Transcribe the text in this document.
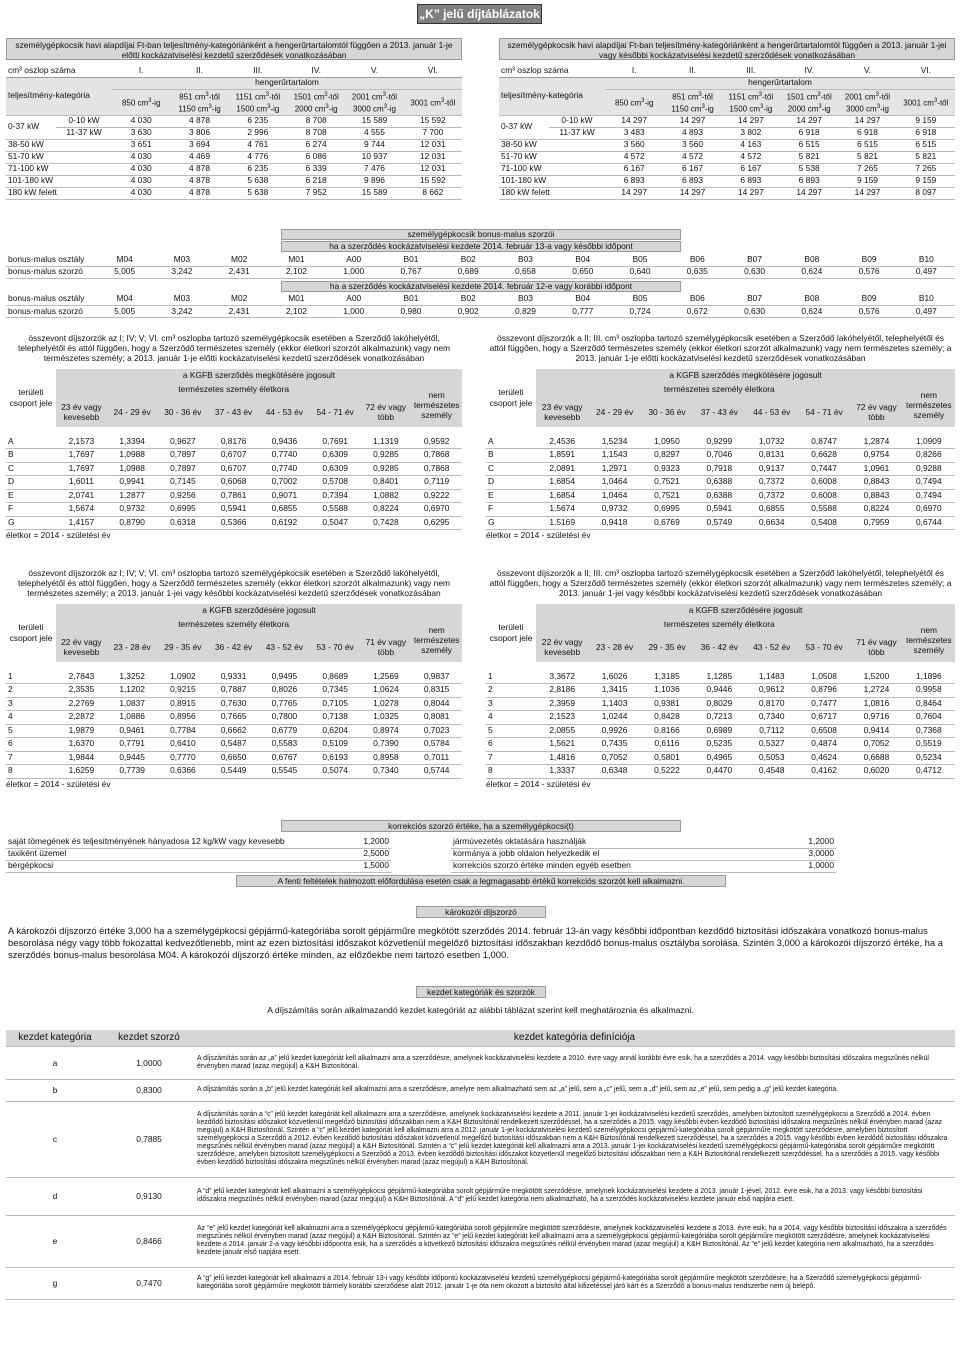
„K” jelű díjtáblázatok
személygépkocsik havi alapdíjai Ft-ban teljesítmény-kategóriánként a hengerűrtartalomtól függően a 2013. január 1-je előtti kockázatviselési kezdetű szerződések vonatkozásában
cm³ oszlop száma		I.	II.	III.	IV.	V.	VI.
teljesítmény-kategória		hengerűrtartalom					
		850 $cm^3-ig$	851 $cm^3$-től 1150 $cm^3-ig$	1151 $cm^3$-től 1500 $cm^3-ig$	1501 $cm^3$-től 2000 $cm^3-ig$	2001 $cm^3$-től 3000 $cm^3-ig$	3001 $cm^3$-től
0-37 kW	0-10 kW	4 030	4 878	6 235	8 708	15 589	15 592
	11-37 kW	3 630	3 806	2 996	8 708	4 555	7 700
38-50 kW		3 651	3 694	4 761	6 274	9 744	12 031
51-70 kW		4 030	4 469	4 776	6 086	10 937	12 031
71-100 kW		4 030	4 878	6 235	6 339	7 476	12 031
101-180 kW		4 030	4 878	5 638	6 218	9 896	15 592
180 kW felett		4 030	4 878	5 638	7 952	15 589	8 662
személygépkocsik havi alapdíjai Ft-ban teljesítmény-kategóriánként a hengerűrtartalomtól függően a 2013. január 1-jei vagy későbbi kockázatviselési kezdetű szerződések vonatkozásában
cm³ oszlop száma		I.	II.	III.	IV.	V.	VI.
teljesítmény-kategória		hengerűrtartalom					
		850 $cm^3-ig$	851 $cm^3$-től 1150 $cm^3-ig$	1151 $cm^3$-től 1500 $cm^3-ig$	1501 $cm^3$-től 2000 $cm^3-ig$	2001 $cm^3$-től 3000 $cm^3-ig$	3001 $cm^3$-től
0-37 kW	0-10 kW	14 297	14 297	14 297	14 297	14 297	9 159
	11-37 kW	3 483	4 893	3 802	6 918	6 918	6 918
38-50 kW		3 560	3 560	4 163	6 515	6 515	6 515
51-70 kW		4 572	4 572	4 572	5 821	5 821	5 821
71-100 kW		6 167	6 167	6 167	5 538	7 265	7 265
101-180 kW		6 893	6 893	6 893	6 893	9 159	9 159
180 kW felett		14 297	14 297	14 297	14 297	14 297	8 097
személygépkocsik bonus-malus szorzói
ha a szerződés kockázatviselési kezdete 2014. február 13-a vagy későbbi időpont
bonus-malus osztály	M04	M03	M02	M01	A00	B01	B02	B03	B04	B05	B06	B07	B08	B09	B10
bonus-malus szorzó	5,005	3,242	2,431	2,102	1,000	0,767	0,689	0,658	0,650	0,640	0,635	0,630	0,624	0,576	0,497
ha a szerződés kockázatviselési kezdete 2014. február 12-e vagy korábbi időpont
bonus-malus osztály	M04	M03	M02	M01	A00	B01	B02	B03	B04	B05	B06	B07	B08	B09	B10
bonus-malus szorzó	5,005	3,242	2,431	2,102	1,000	0,980	0,902	0,829	0,777	0,724	0,672	0,630	0,624	0,576	0,497
összevont díjszorzók az I; IV; V; VI. cm³ oszlopba tartozó személygépkocsik esetében a Szerződő lakóhelyétől, telephelyétől és attól függően, hogy a Szerződő természetes személy (ekkor életkori szorzót alkalmazunk) vagy nem természetes személy; a 2013. január 1-je előtti kockázatviselési kezdetű szerződések vonatkozásában
területi csoport jele	a KGFB szerződés megkötésére jogosult							
	természetes személy életkora							nem természetes személy
	23 év vagy kevesebb	24 - 29 év	30 - 36 év	37 - 43 év	44 - 53 év	54 - 71 év	72 év vagy több	

A	2,1573	1,3394	0,9627	0,8176	0,9436	0,7691	1,1319	0,9592
B	1,7697	1,0988	0,7897	0,6707	0,7740	0,6309	0,9285	0,7868
C	1,7697	1,0988	0,7897	0,6707	0,7740	0,6309	0,9285	0,7868
D	1,6011	0,9941	0,7145	0,6068	0,7002	0,5708	0,8401	0,7119
E	2,0741	1,2877	0,9256	0,7861	0,9071	0,7394	1,0882	0,9222
F	1,5674	0,9732	0,6995	0,5941	0,6855	0,5588	0,8224	0,6970
G	1,4157	0,8790	0,6318	0,5366	0,6192	0,5047	0,7428	0,6295
életkor = 2014 - születési év
összevont díjszorzók a II; III. cm³ oszlopba tartozó személygépkocsik esetében a Szerződő lakóhelyétől, telephelyétől és attól függően, hogy a Szerződő természetes személy (ekkor életkori szorzót alkalmazunk) vagy nem természetes személy; a 2013. január 1-je előtti kockázatviselési kezdetű szerződések vonatkozásában
területi csoport jele	a KGFB szerződés megkötésére jogosult							
	természetes személy életkora							nem természetes személy
	23 év vagy kevesebb	24 - 29 év	30 - 36 év	37 - 43 év	44 - 53 év	54 - 71 év	72 év vagy több	

A	2,4536	1,5234	1,0950	0,9299	1,0732	0,8747	1,2874	1,0909
B	1,8591	1,1543	0,8297	0,7046	0,8131	0,6628	0,9754	0,8266
C	2,0891	1,2971	0,9323	0,7918	0,9137	0,7447	1,0961	0,9288
D	1,6854	1,0464	0,7521	0,6388	0,7372	0,6008	0,8843	0,7494
E	1,6854	1,0464	0,7521	0,6388	0,7372	0,6008	0,8843	0,7494
F	1,5674	0,9732	0,6995	0,5941	0,6855	0,5588	0,8224	0,6970
G	1,5169	0,9418	0,6769	0,5749	0,6634	0,5408	0,7959	0,6744
életkor = 2014 - születési év
összevont díjszorzók az I; IV; V; VI. cm³ oszlopba tartozó személygépkocsik esetében a Szerződő lakóhelyétől, telephelyétől és attól függően, hogy a Szerződő természetes személy (ekkor életkori szorzót alkalmazunk) vagy nem természetes személy; a 2013. január 1-jei vagy későbbi kockázatviselési kezdetű szerződések vonatkozásában
területi csoport jele	a KGFB szerződésére jogosult							
	természetes személy életkora							nem természetes személy
	22 év vagy kevesebb	23 - 28 év	29 - 35 év	36 - 42 év	43 - 52 év	53 - 70 év	71 év vagy több	

1	2,7843	1,3252	1,0902	0,9331	0,9495	0,8689	1,2569	0,9837
2	2,3535	1,1202	0,9215	0,7887	0,8026	0,7345	1,0624	0,8315
3	2,2769	1,0837	0,8915	0,7630	0,7765	0,7105	1,0278	0,8044
4	2,2872	1,0886	0,8956	0,7665	0,7800	0,7138	1,0325	0,8081
5	1,9879	0,9461	0,7784	0,6662	0,6779	0,6204	0,8974	0,7023
6	1,6370	0,7791	0,6410	0,5487	0,5583	0,5109	0,7390	0,5784
7	1,9844	0,9445	0,7770	0,6650	0,6767	0,6193	0,8958	0,7011
8	1,6259	0,7739	0,6366	0,5449	0,5545	0,5074	0,7340	0,5744
életkor = 2014 - születési év
összevont díjszorzók a II; III. cm³ oszlopba tartozó személygépkocsik esetében a Szerződő lakóhelyétől, telephelyétől és attól függően, hogy a Szerződő természetes személy (ekkor életkori szorzót alkalmazunk) vagy nem természetes személy; a 2013. január 1-jei vagy későbbi kockázatviselési kezdetű szerződések vonatkozásában
területi csoport jele	a KGFB szerződésére jogosult							
	természetes személy életkora							nem természetes személy
	22 év vagy kevesebb	23 - 28 év	29 - 35 év	36 - 42 év	43 - 52 év	53 - 70 év	71 év vagy több	

1	3,3672	1,6026	1,3185	1,1285	1,1483	1,0508	1,5200	1,1896
2	2,8186	1,3415	1,1036	0,9446	0,9612	0,8796	1,2724	0,9958
3	2,3959	1,1403	0,9381	0,8029	0,8170	0,7477	1,0816	0,8464
4	2,1523	1,0244	0,8428	0,7213	0,7340	0,6717	0,9716	0,7604
5	2,0855	0,9926	0,8166	0,6989	0,7112	0,6508	0,9414	0,7368
6	1,5621	0,7435	0,6116	0,5235	0,5327	0,4874	0,7052	0,5519
7	1,4816	0,7052	0,5801	0,4965	0,5053	0,4624	0,6688	0,5234
8	1,3337	0,6348	0,5222	0,4470	0,4548	0,4162	0,6020	0,4712
életkor = 2014 - születési év
korrekciós szorzó értéke, ha a személygépkocsi(t)
saját tömegének és teljesítményének hányadosa 12 kg/kW vagy kevesebb	1,2000		jármúvezetés oktatására használják	1,2000	
taxiként üzemel	2,5000		kormánya a jobb oldalon helyezkedik el	3,0000	
bérgépkocsi	1,5000		korrekciós szorzó értéke minden egyéb esetben	1,0000	
A fenti feltételek halmozott előfordulása esetén csak a legmagasabb értékű korrekciós szorzót kell alkalmazni.
károkozói díjszorzó
A károkozói díjszorzó értéke 3,000 ha a személygépkocsi gépjármű-kategóriába sorolt gépjárműre megkötött szerződés 2014. február 13-án vagy későbbi időpontban kezdődő biztosítási időszakára vonatkozó bonus-malus besorolása négy vagy több fokozattal kedvezőtlenebb, mint az ezen biztosítási időszakot közvetlenül megelőző biztosítási időszakban kezdődő bonus-malus osztályba sorolása. Szintén 3,000 a károkozói díjszorzó értéke, ha a szerződés bonus-malus besorolása M04. A károkozói díjszorzó értéke minden, az előzőekbe nem tartozó esetben 1,000.
kezdet kategóriák és szorzók
A díjszámítás során alkalmazandó kezdet kategóriát az alábbi táblázat szerint kell meghatároznia és alkalmazni.
kezdet kategória	kezdet szorzó	kezdet kategória definíciója
a	1,0000	A díjszámítás során az „a” jelű kezdet kategóriát kell alkalmazni arra a szerződésre, amelynek kockázatviselési kezdete a 2010. évre vagy annál korábbi évre esik, ha a szerződés a 2014. vagy későbbi biztosítási időszakra megszűnés nélkül érvényben marad (azaz megújul) a K&H Biztosítónál.
b	0,8300	A díjszámítás során a „b” jelű kezdet kategóriát kell alkalmazni arra a szerződésre, amelyre nem alkalmazható sem az „a” jelű, sem a „c” jelű, sem a „d” jelű, sem az „e” jelű, sem pedig a „g” jelű kezdet kategória.
c	0,7885	A díjszámítás során a “c” jelű kezdet kategóriát kell alkalmazni arra a szerződésre, amelynek kockázatviselési kezdete a 2011. január 1-jei kockázatviselési kezdetű szerződés, amelyben biztosított személygépkocsi a Szerződő a 2014. évben kezdődő biztosítási időszakot közvetlenül megelőző biztosítási időszakban nem a K&H Biztosítónál rendelkezett szerződéssel, ha a szerződés a 2015. vagy későbbi évben kezdődő biztosítási időszakra megszűnés nélkül érvényben marad (azaz megújul) a K&H Biztosítónál. Szintén a “c” jelű kezdet kategóriát kell alkalmazni arra a 2012. január 1-jei kockázatviselési kezdetű személygépkocsi gépjármű-kategóriába sorolt gépjárműre megkötött szerződésre, amelyben biztosított személygépkocsi a Szerződő a 2012. évben kezdődő biztosítási időszakot közvetlenül megelőző biztosítási időszakban nem a K&H Biztosítónál rendelkezett szerződéssel, ha a szerződés a 2015. vagy későbbi évben kezdődő biztosítási időszakra megszűnés nélkül érvényben marad (azaz megújul) a K&H Biztosítónál. Szintén a “c” jelű kezdet kategóriát kell alkalmazni arra a 2013. január 1-jei kockázatviselési kezdetű személygépkocsi gépjármű-kategóriába sorolt gépjárműre megkötött szerződésre, amelyben biztosított személygépkocsi a Szerződő a 2013. évben kezdődő biztosítási időszakot közvetlenül megelőző biztosítási időszakban nem a K&H Biztosítónál rendelkezett szerződéssel, ha a szerződés a 2015. vagy későbbi évben kezdődő biztosítási időszakra megszűnés nélkül érvényben marad (azaz megújul) a K&H Biztosítónál.
d	0,9130	A “d” jelű kezdet kategóriát kell alkalmazni a személygépkocsi gépjármű-kategóriába sorolt gépjárműre megkötött szerződésre, amelynek kockázatviselési kezdete a 2013. január 1-jével, 2012. évre esik, ha a 2013. vagy későbbi biztosítási időszakra megszűnés nélkül érvényben marad (azaz megújul) a K&H Biztosítónál. A “d” jelű kezdet kategória nem alkalmazható, ha a szerződés kockázatviselési kezdete január első napjára esett.
e	0,8466	Az “e” jelű kezdet kategóriát kell alkalmazni arra a személygépkocsi gépjármű-kategóriába sorolt gépjárműre megkötött szerződésre, amelynek kockázatviselési kezdete a 2013. évre esik, ha a 2014. vagy későbbi biztosítási időszakra a szerződés megszűnés nélkül érvényben marad (azaz megújul) a K&H Biztosítónál. Szintén az “e” jelű kezdet kategóriát kell alkalmazni arra a személygépkocsi gépjármű-kategóriába sorolt gépjárműre megkötött szerződésre, amelynek kockázatviselési kezdete a 2014. január 2-a vagy későbbi időpontra esik, ha a szerződés a következő biztosítási időszakra megszűnés nélkül érvényben marad (azaz megújul) a K&H Biztosítónál. Az “e” jelű kezdet kategória nem alkalmazható, ha a szerződés kezdete január első napjára esett.
g	0,7470	A “g” jelű kezdet kategóriát kell alkalmazni a 2014. február 13-i vagy későbbi időpontú kockázatviselési kezdetű személygépkocsi gépjármű-kategóriába sorolt gépjárműre megkötött szerződésre, ha a Szerződő személygépkocsi gépjármű-kategóriába sorolt gépjárműre megkötött bármely korábbi szerződése alatt 2012. január 1-je óta nem okozott a biztosító által kifizetéssel járó kárt és a Szerződő a bonus-malus rendszerbe nem új belépő.
